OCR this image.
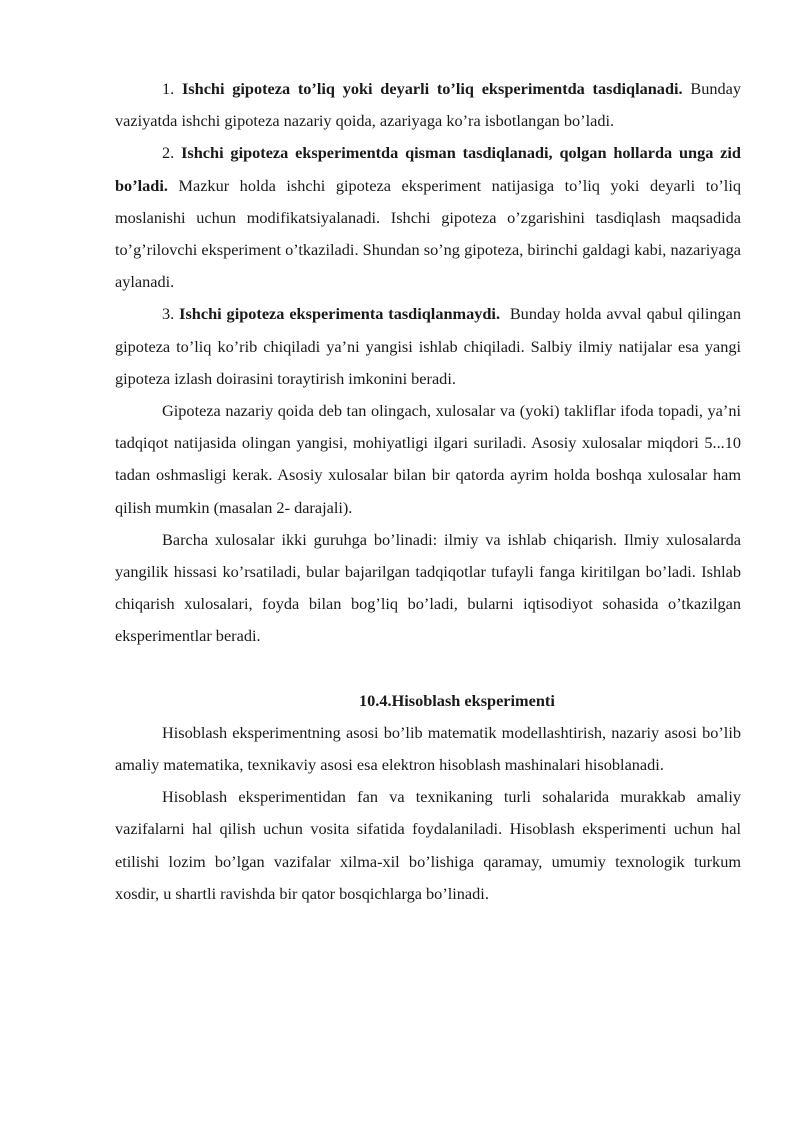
1. Ishchi gipoteza to’liq yoki deyarli to’liq eksperimentda tasdiqlanadi. Bunday vaziyatda ishchi gipoteza nazariy qoida, azariyaga ko’ra isbotlangan bo’ladi.

2. Ishchi gipoteza eksperimentda qisman tasdiqlanadi, qolgan hollarda unga zid bo’ladi. Mazkur holda ishchi gipoteza eksperiment natijasiga to’liq yoki deyarli to’liq moslanishi uchun modifikatsiyalanadi. Ishchi gipoteza o’zgarishini tasdiqlash maqsadida to’g’rilovchi eksperiment o’tkaziladi. Shundan so’ng gipoteza, birinchi galdagi kabi, nazariyaga aylanadi.

3. Ishchi gipoteza eksperimenta tasdiqlanmaydi. Bunday holda avval qabul qilingan gipoteza to’liq ko’rib chiqiladi ya’ni yangisi ishlab chiqiladi. Salbiy ilmiy natijalar esa yangi gipoteza izlash doirasini toraytirish imkonini beradi.

Gipoteza nazariy qoida deb tan olingach, xulosalar va (yoki) takliflar ifoda topadi, ya’ni tadqiqot natijasida olingan yangisi, mohiyatligi ilgari suriladi. Asosiy xulosalar miqdori 5...10 tadan oshmasligi kerak. Asosiy xulosalar bilan bir qatorda ayrim holda boshqa xulosalar ham qilish mumkin (masalan 2- darajali).

Barcha xulosalar ikki guruhga bo’linadi: ilmiy va ishlab chiqarish. Ilmiy xulosalarda yangilik hissasi ko’rsatiladi, bular bajarilgan tadqiqotlar tufayli fanga kiritilgan bo’ladi. Ishlab chiqarish xulosalari, foyda bilan bog’liq bo’ladi, bularni iqtisodiyot sohasida o’tkazilgan eksperimentlar beradi.

10.4.Hisoblash eksperimenti

Hisoblash eksperimentning asosi bo’lib matematik modellashtirish, nazariy asosi bo’lib amaliy matematika, texnikaviy asosi esa elektron hisoblash mashinalari hisoblanadi.

Hisoblash eksperimentidan fan va texnikaning turli sohalarida murakkab amaliy vazifalarni hal qilish uchun vosita sifatida foydalaniladi. Hisoblash eksperimenti uchun hal etilishi lozim bo’lgan vazifalar xilma-xil bo’lishiga qaramay, umumiy texnologik turkum xosdir, u shartli ravishda bir qator bosqichlarga bo’linadi.
